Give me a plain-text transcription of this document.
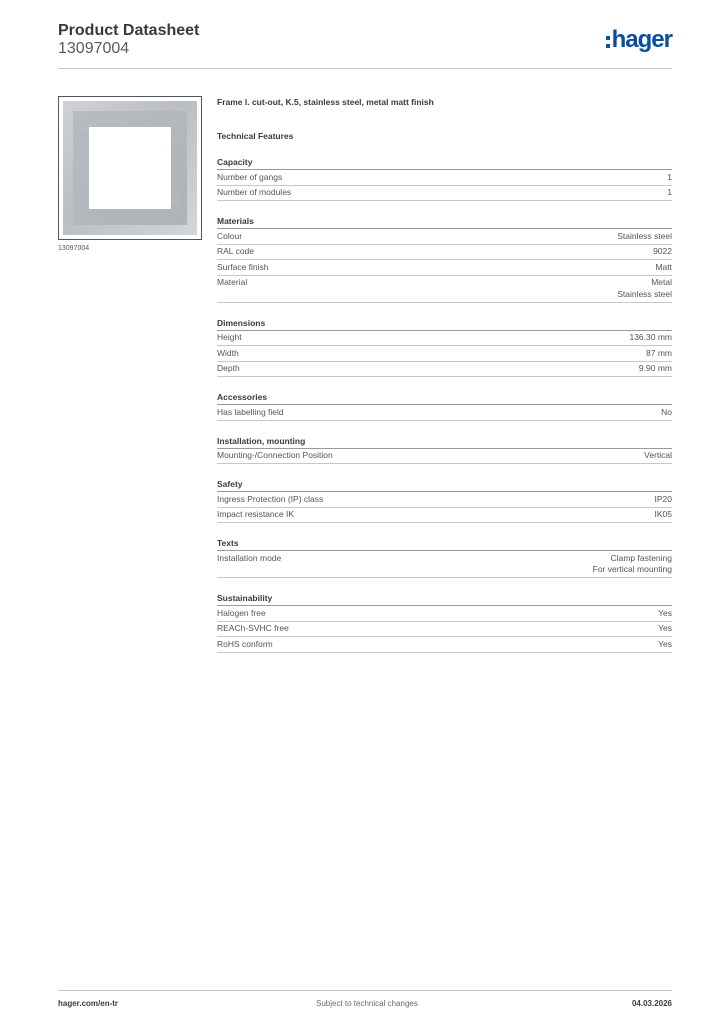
Product Datasheet
13097004	hager
13097004
Frame l. cut-out, K.5, stainless steel, metal matt finish
Technical Features
Capacity
Number of gangs	1
Number of modules	1
Materials
Colour	Stainless steel
RAL code	9022
Surface finish	Matt
Material	Metal
Stainless steel
Dimensions
Height	136.30 mm
Width	87 mm
Depth	9.90 mm
Accessories
Has labelling field	No
Installation, mounting
Mounting-/Connection Position	Vertical
Safety
Ingress Protection (IP) class	IP20
Impact resistance IK	IK05
Texts
Installation mode	Clamp fastening
For vertical mounting
Sustainability
Halogen free	Yes
REACh-SVHC free	Yes
RoHS conform	Yes
hager.com/en-tr	Subject to technical changes	04.03.2026
